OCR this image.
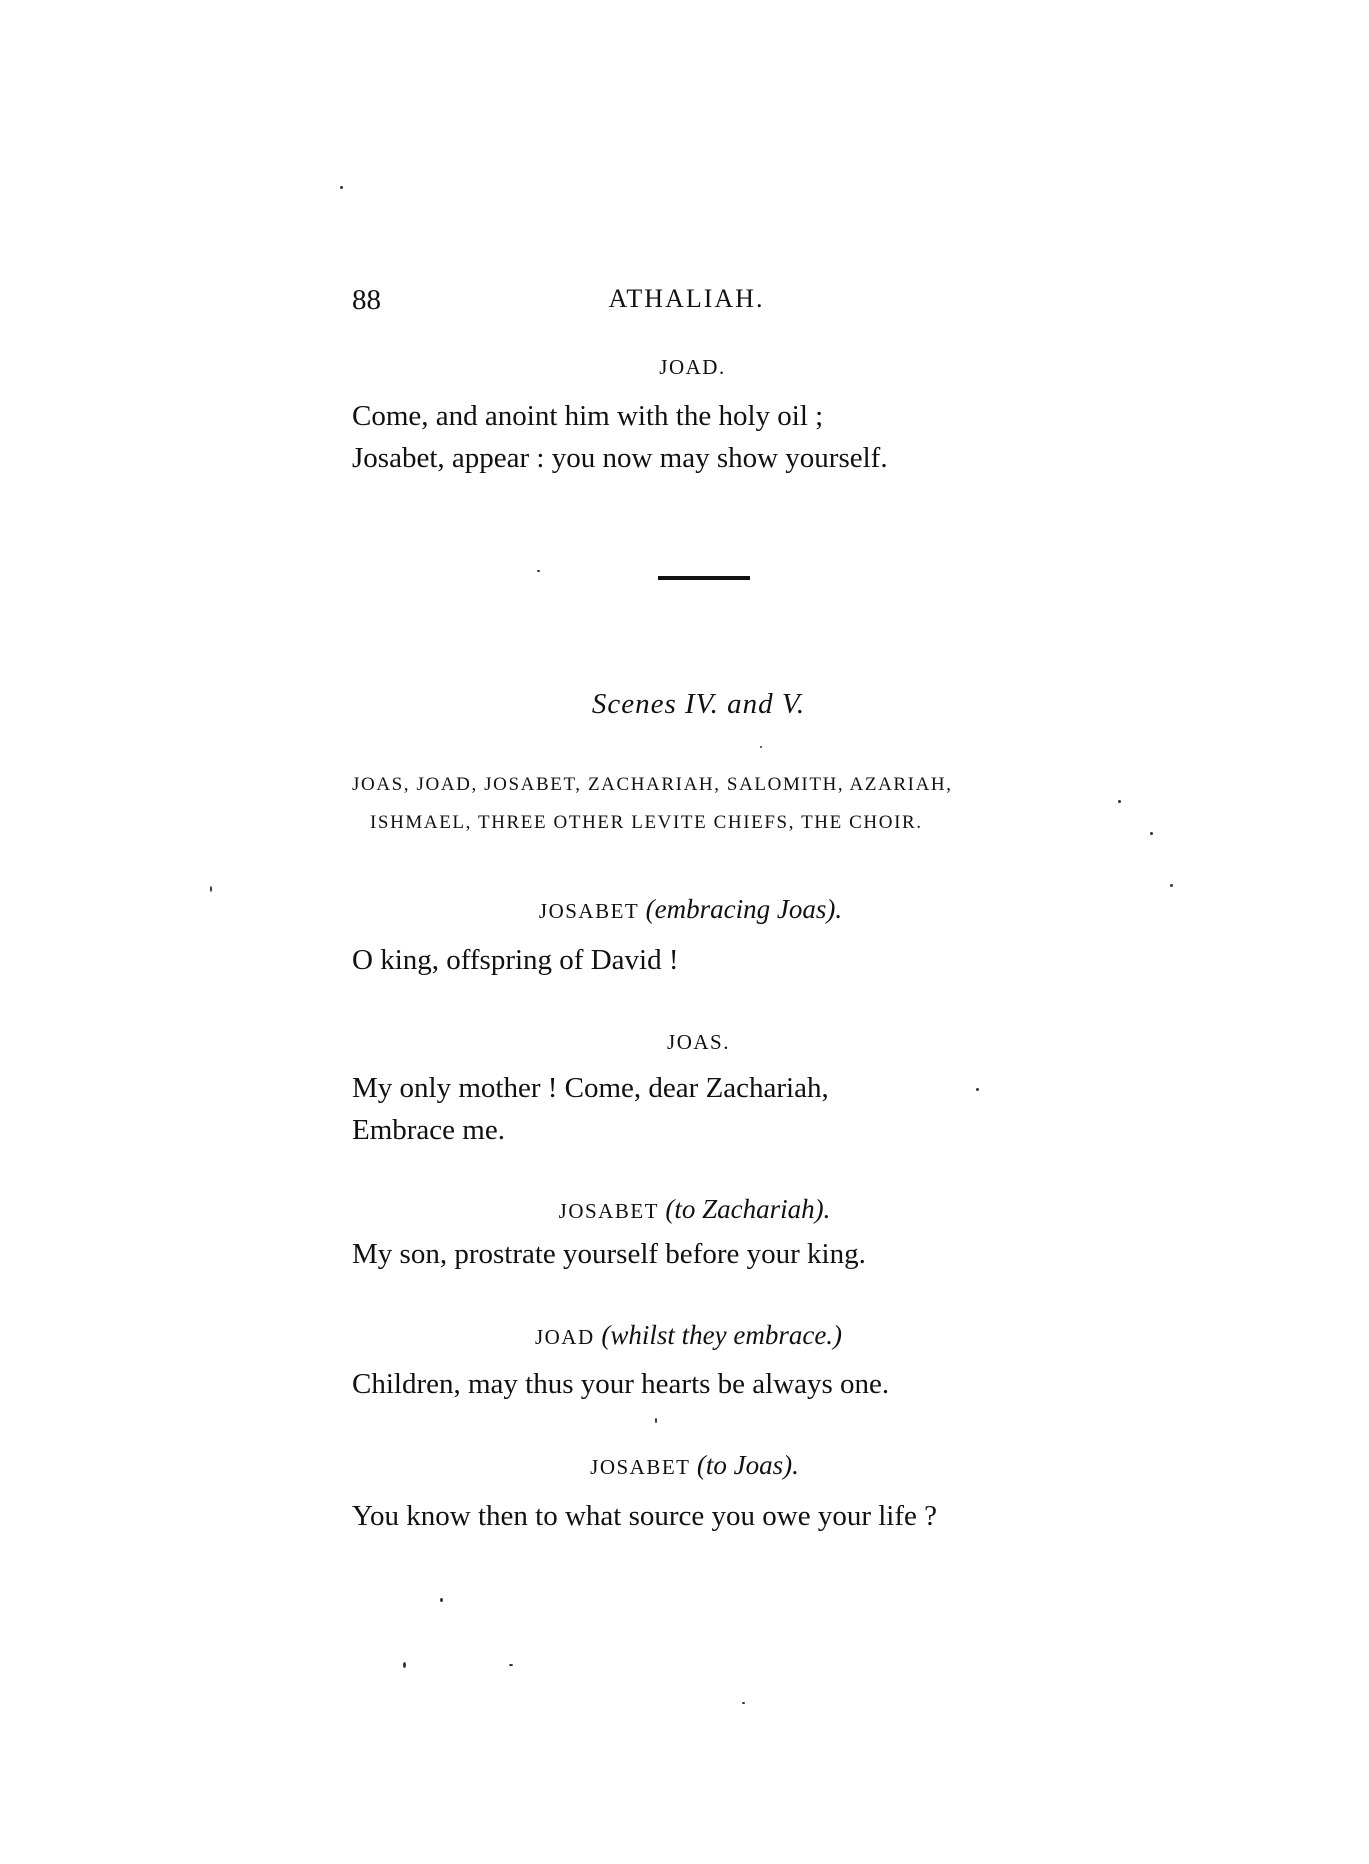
88	ATHALIAH.
JOAD.
Come, and anoint him with the holy oil ;
Josabet, appear : you now may show yourself.
Scenes IV. and V.
JOAS, JOAD, JOSABET, ZACHARIAH, SALOMITH, AZARIAH,
ISHMAEL, THREE OTHER LEVITE CHIEFS, THE CHOIR.
JOSABET (embracing Joas).
O king, offspring of David !
JOAS.
My only mother ! Come, dear Zachariah,
Embrace me.
JOSABET (to Zachariah).
My son, prostrate yourself before your king.
JOAD (whilst they embrace.)
Children, may thus your hearts be always one.
JOSABET (to Joas).
You know then to what source you owe your life ?
